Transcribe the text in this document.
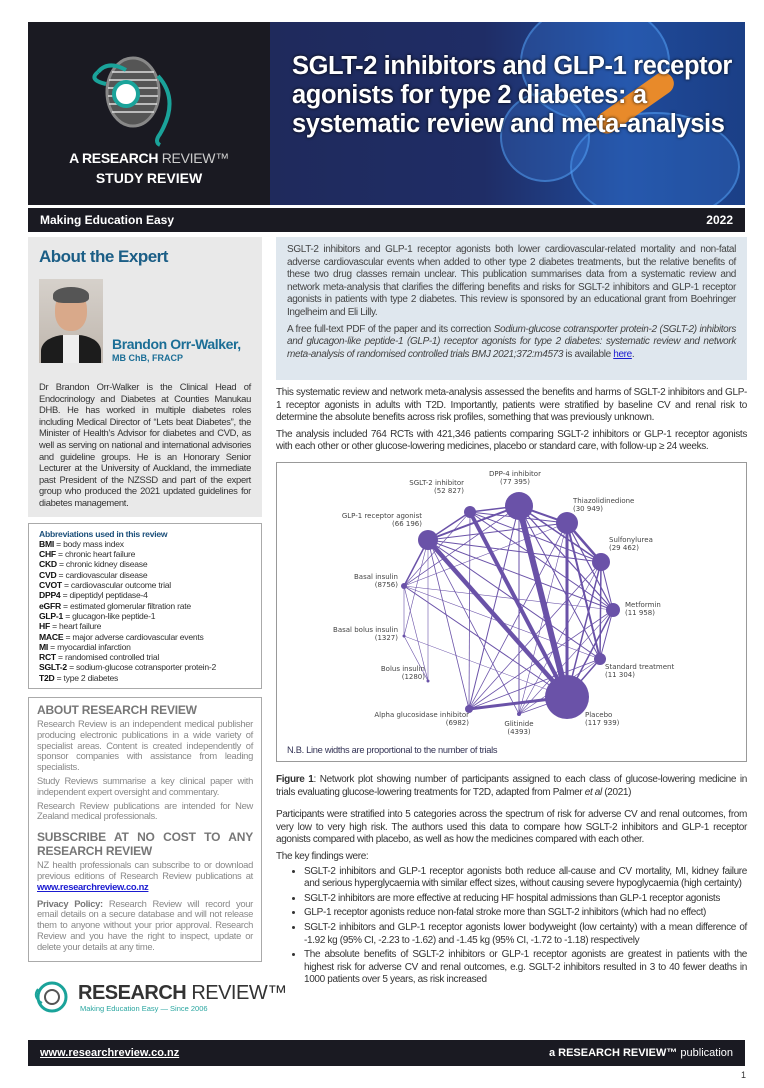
A RESEARCH REVIEW™
STUDY REVIEW
SGLT-2 inhibitors and GLP-1 receptor agonists for type 2 diabetes: a systematic review and meta-analysis
Making Education Easy	2022
About the Expert
Brandon Orr-Walker,
MB ChB, FRACP
Dr Brandon Orr-Walker is the Clinical Head of Endocrinology and Diabetes at Counties Manukau DHB. He has worked in multiple diabetes roles including Medical Director of “Lets beat Diabetes”, the Minister of Health’s Advisor for diabetes and CVD, as well as serving on national and international advisories and guideline groups. He is an Honorary Senior Lecturer at the University of Auckland, the immediate past President of the NZSSD and part of the expert group who produced the 2021 updated guidelines for diabetes management.
Abbreviations used in this review
BMI = body mass index
CHF = chronic heart failure
CKD = chronic kidney disease
CVD = cardiovascular disease
CVOT = cardiovascular outcome trial
DPP4 = dipeptidyl peptidase-4
eGFR = estimated glomerular filtration rate
GLP-1 = glucagon-like peptide-1
HF = heart failure
MACE = major adverse cardiovascular events
MI = myocardial infarction
RCT = randomised controlled trial
SGLT-2 = sodium-glucose cotransporter protein-2
T2D = type 2 diabetes
ABOUT RESEARCH REVIEW

Research Review is an independent medical publisher producing electronic publications in a wide variety of specialist areas. Content is created independently of sponsor companies with assistance from leading specialists.

Study Reviews summarise a key clinical paper with independent expert oversight and commentary.

Research Review publications are intended for New Zealand medical professionals.

SUBSCRIBE AT NO COST TO ANY RESEARCH REVIEW

NZ health professionals can subscribe to or download previous editions of Research Review publications at www.researchreview.co.nz

Privacy Policy: Research Review will record your email details on a secure database and will not release them to anyone without your prior approval. Research Review and you have the right to inspect, update or delete your details at any time.

RESEARCH REVIEW™
Making Education Easy — Since 2006

SGLT-2 inhibitors and GLP-1 receptor agonists both lower cardiovascular-related mortality and non-fatal adverse cardiovascular events when added to other type 2 diabetes treatments, but the relative benefits of these two drug classes remain unclear. This publication summarises data from a systematic review and network meta-analysis that clarifies the differing benefits and risks for SGLT-2 inhibitors and GLP-1 receptor agonists in patients with type 2 diabetes. This review is sponsored by an educational grant from Boehringer Ingelheim and Eli Lilly.

A free full-text PDF of the paper and its correction Sodium-glucose cotransporter protein-2 (SGLT-2) inhibitors and glucagon-like peptide-1 (GLP-1) receptor agonists for type 2 diabetes: systematic review and network meta-analysis of randomised controlled trials BMJ 2021;372:m4573 is available here.

This systematic review and network meta-analysis assessed the benefits and harms of SGLT-2 inhibitors and GLP-1 receptor agonists in adults with T2D. Importantly, patients were stratified by baseline CV and renal risk to determine the absolute benefits across risk profiles, something that was previously unknown.

The analysis included 764 RCTs with 421,346 patients comparing SGLT-2 inhibitors or GLP-1 receptor agonists with each other or other glucose-lowering medicines, placebo or standard care, with follow-up ≥ 24 weeks.

DPP-4 inhibitor
(77 395)
SGLT-2 inhibitor
(52 827)
Thiazolidinedione
(30 949)
GLP-1 receptor agonist
(66 196)
Sulfonylurea
(29 462)
Basal insulin
(8756)
Metformin
(11 958)
Basal bolus insulin
(1327)
Standard treatment
(11 304)
Bolus insulin
(1280)
Alpha glucosidase inhibitor
(6982)	Glitinide
(4393)
Placebo
(117 939)
N.B. Line widths are proportional to the number of trials

Figure 1: Network plot showing number of participants assigned to each class of glucose-lowering medicine in trials evaluating glucose-lowering treatments for T2D, adapted from Palmer et al (2021)

Participants were stratified into 5 categories across the spectrum of risk for adverse CV and renal outcomes, from very low to very high risk. The authors used this data to compare how SGLT-2 inhibitors and GLP-1 receptor agonists compared with placebo, as well as how the medicines compared with each other.

The key findings were:

• SGLT-2 inhibitors and GLP-1 receptor agonists both reduce all-cause and CV mortality, MI, kidney failure and serious hyperglycaemia with similar effect sizes, without causing severe hypoglycaemia (high certainty)
• SGLT-2 inhibitors are more effective at reducing HF hospital admissions than GLP-1 receptor agonists
• GLP-1 receptor agonists reduce non-fatal stroke more than SGLT-2 inhibitors (which had no effect)
• SGLT-2 inhibitors and GLP-1 receptor agonists lower bodyweight (low certainty) with a mean difference of -1.92 kg (95% CI, -2.23 to -1.62) and -1.45 kg (95% CI, -1.72 to -1.18) respectively
• The absolute benefits of SGLT-2 inhibitors or GLP-1 receptor agonists are greatest in patients with the highest risk for adverse CV and renal outcomes, e.g. SGLT-2 inhibitors resulted in 3 to 40 fewer deaths in 1000 patients over 5 years, as risk increased
www.researchreview.co.nz	a RESEARCH REVIEW™ publication
1
